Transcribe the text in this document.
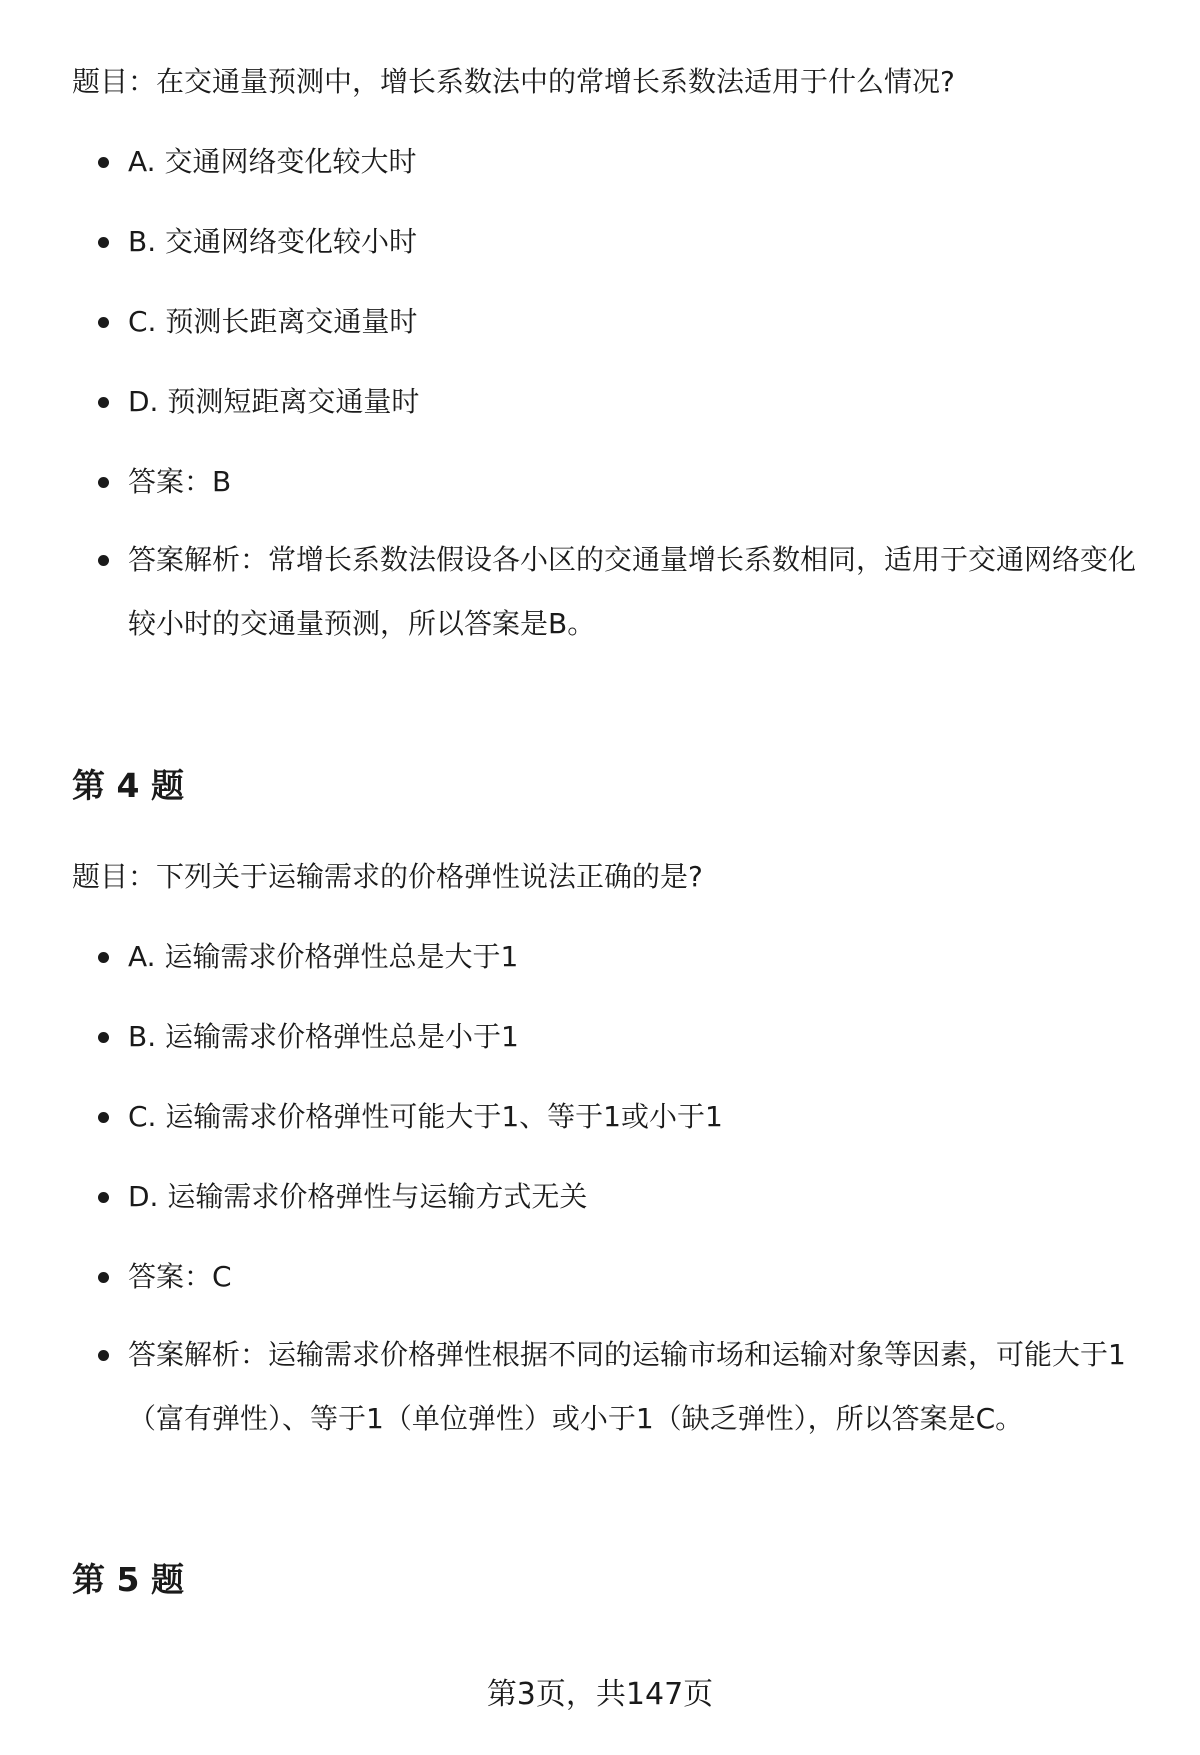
题目：在交通量预测中，增长系数法中的常增长系数法适用于什么情况?
A. 交通网络变化较大时
B. 交通网络变化较小时
C. 预测长距离交通量时
D. 预测短距离交通量时
答案：B
答案解析：常增长系数法假设各小区的交通量增长系数相同，适用于交通网络变化较小时的交通量预测，所以答案是B。
第 4 题
题目：下列关于运输需求的价格弹性说法正确的是?
A. 运输需求价格弹性总是大于1
B. 运输需求价格弹性总是小于1
C. 运输需求价格弹性可能大于1、等于1或小于1
D. 运输需求价格弹性与运输方式无关
答案：C
答案解析：运输需求价格弹性根据不同的运输市场和运输对象等因素，可能大于1（富有弹性）、等于1（单位弹性）或小于1（缺乏弹性），所以答案是C。
第 5 题
第3页，共147页
